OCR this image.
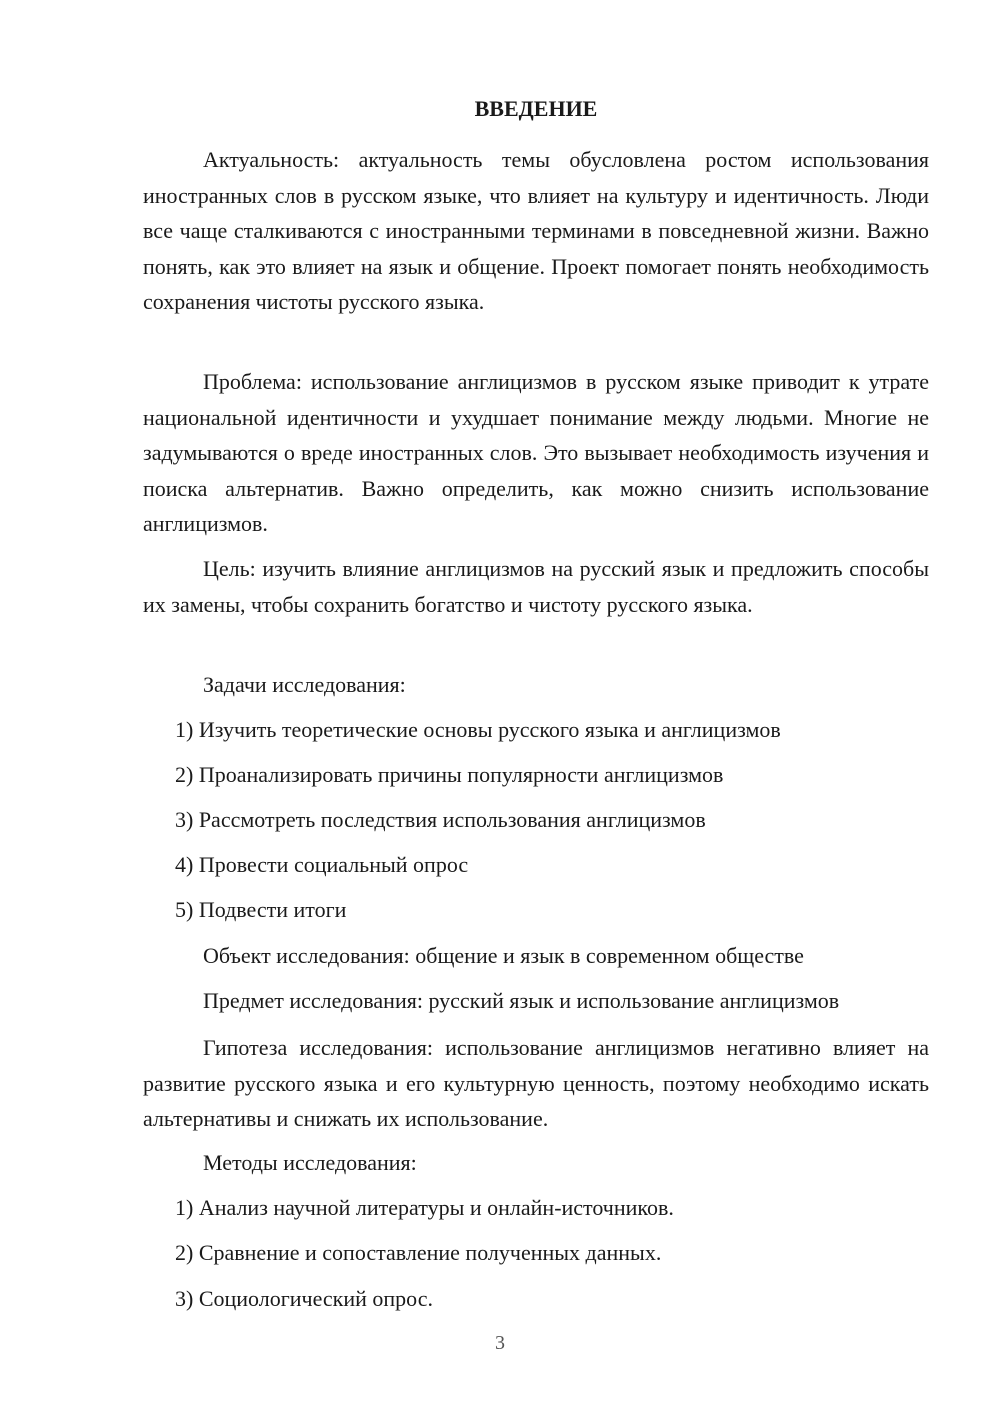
ВВЕДЕНИЕ

Актуальность: актуальность темы обусловлена ростом использования иностранных слов в русском языке, что влияет на культуру и идентичность. Люди все чаще сталкиваются с иностранными терминами в повседневной жизни. Важно понять, как это влияет на язык и общение. Проект помогает понять необходимость сохранения чистоты русского языка.

Проблема: использование англицизмов в русском языке приводит к утрате национальной идентичности и ухудшает понимание между людьми. Многие не задумываются о вреде иностранных слов. Это вызывает необходимость изучения и поиска альтернатив. Важно определить, как можно снизить использование англицизмов.

Цель: изучить влияние англицизмов на русский язык и предложить способы их замены, чтобы сохранить богатство и чистоту русского языка.

Задачи исследования:

1) Изучить теоретические основы русского языка и англицизмов

2) Проанализировать причины популярности англицизмов

3) Рассмотреть последствия использования англицизмов

4) Провести социальный опрос

5) Подвести итоги

Объект исследования: общение и язык в современном обществе

Предмет исследования: русский язык и использование англицизмов

Гипотеза исследования: использование англицизмов негативно влияет на развитие русского языка и его культурную ценность, поэтому необходимо искать альтернативы и снижать их использование.

Методы исследования:

1) Анализ научной литературы и онлайн-источников.

2) Сравнение и сопоставление полученных данных.

3) Социологический опрос.

3
